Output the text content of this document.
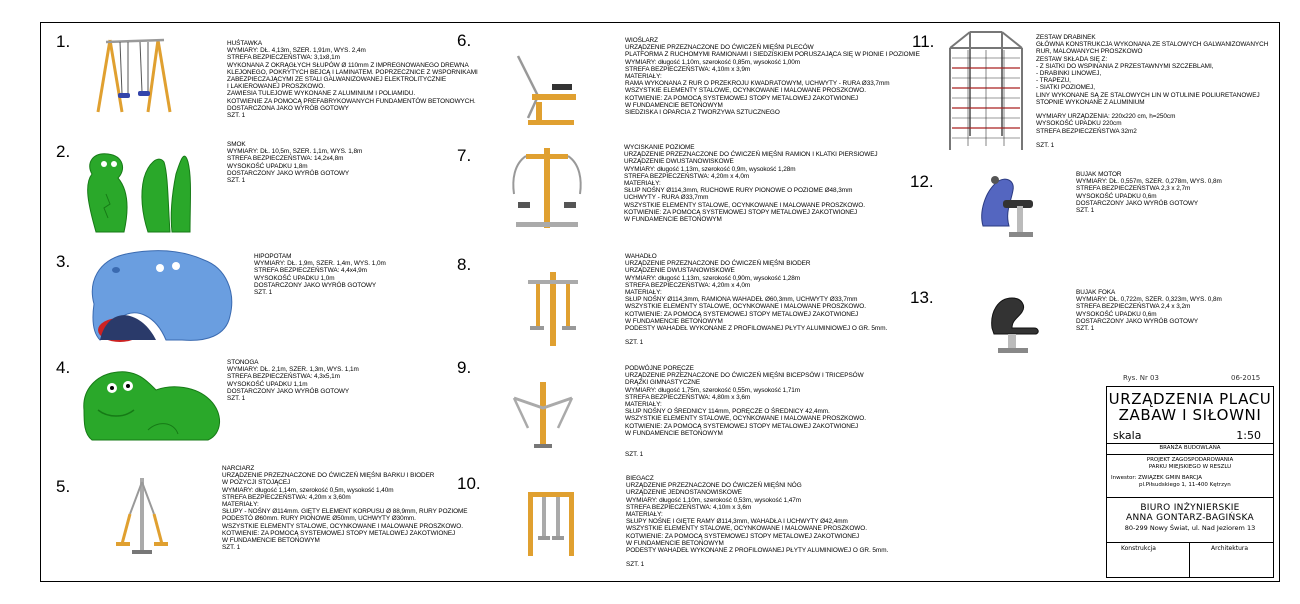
1.	HUŚTAWKA
WYMIARY: DŁ. 4,13m, SZER. 1,91m, WYS. 2,4m
STREFA BEZPIECZEŃSTWA: 3,1x8,1m
WYKONANA Z OKRĄGŁYCH SŁUPÓW Ø 110mm Z IMPREGNOWANEGO DREWNA
KLEJONEGO, POKRYTYCH BEJCĄ I LAMINATEM. POPRZECZNICE Z WSPORNIKAMI
ZABEZPIECZAJĄCYMI ZE STALI GALWANIZOWANEJ ELEKTROLITYCZNIE
I LAKIEROWANEJ PROSZKOWO.
ZAWIESIA TULEJOWE WYKONANE Z ALUMINIUM I POLIAMIDU.
KOTWIENIE ZA POMOCĄ PREFABRYKOWANYCH FUNDAMENTÓW BETONOWYCH.
DOSTARCZONA JAKO WYRÓB GOTOWY
SZT. 1
2.	SMOK
WYMIARY: DŁ. 10,5m, SZER. 1,1m, WYS. 1,8m
STREFA BEZPIECZEŃSTWA: 14,2x4,8m
WYSOKOŚĆ UPADKU 1,8m
DOSTARCZONY JAKO WYRÓB GOTOWY
SZT. 1
3.	HIPOPOTAM
WYMIARY: DŁ. 1,9m, SZER. 1,4m, WYS. 1,0m
STREFA BEZPIECZEŃSTWA: 4,4x4,9m
WYSOKOŚĆ UPADKU 1,0m
DOSTARCZONY JAKO WYRÓB GOTOWY
SZT. 1
4.	STONOGA
WYMIARY: DŁ. 2,1m, SZER. 1,3m, WYS. 1,1m
STREFA BEZPIECZEŃSTWA: 4,3x5,1m
WYSOKOŚĆ UPADKU 1,1m
DOSTARCZONY JAKO WYRÓB GOTOWY
SZT. 1
5.
NARCIARZ
URZĄDZENIE PRZEZNACZONE DO ĆWICZEŃ MIĘŚNI BARKU I BIODER
W POZYCJI STOJĄCEJ
WYMIARY: długość 1,14m, szerokość 0,5m, wysokość 1,40m
STREFA BEZPIECZEŃSTWA: 4,20m x 3,60m
MATERIAŁY:
SŁUPY - NOŚNY Ø114mm. GIĘTY ELEMENT KORPUSU Ø 88,9mm, RURY POZIOME
PODESTÓ Ø60mm. RURY PIONOWE Ø50mm, UCHWYTY Ø30mm.
WSZYSTKIE ELEMENTY STALOWE, OCYNKOWANE I MALOWANE PROSZKOWO.
KOTWIENIE: ZA POMOCĄ SYSTEMOWEJ STOPY METALOWEJ ZAKOTWIONEJ
W FUNDAMENCIE BETONOWYM
SZT. 1
6.	WIOŚLARZ
URZĄDZENIE PRZEZNACZONE DO ĆWICZEŃ MIĘŚNI PLECÓW
PLATFORMA Z RUCHOMYMI RAMIONAMI I SIEDZISKIEM PORUSZAJĄCA SIĘ W PIONIE I POZIOMIE
WYMIARY: długość 1,10m, szerokość 0,85m, wysokość 1,00m
STREFA BEZPIECZEŃSTWA: 4,10m x 3,9m
MATERIAŁY:
RAMA WYKONANA Z RUR O PRZEKROJU KWADRATOWYM, UCHWYTY - RURA Ø33,7mm
WSZYSTKIE ELEMENTY STALOWE, OCYNKOWANE I MALOWANE PROSZKOWO.
KOTWIENIE: ZA POMOCĄ SYSTEMOWEJ STOPY METALOWEJ ZAKOTWIONEJ
W FUNDAMENCIE BETONOWYM
SIEDZISKA I OPARCIA Z TWORZYWA SZTUCZNEGO
7.	WYCISKANIE POZIOME
URZĄDZENIE PRZEZNACZONE DO ĆWICZEŃ MIĘŚNI RAMION I KLATKI PIERSIOWEJ
URZĄDZENIE DWUSTANOWISKOWE
WYMIARY: długość 1,13m, szerokość 0,9m, wysokość 1,28m
STREFA BEZPIECZEŃSTWA: 4,20m x 4,0m
MATERIAŁY:
SŁUP NOŚNY Ø114,3mm, RUCHOWE RURY PIONOWE O POZIOME Ø48,3mm
UCHWYTY - RURA Ø33,7mm
WSZYSTKIE ELEMENTY STALOWE, OCYNKOWANE I MALOWANE PROSZKOWO.
KOTWIENIE: ZA POMOCĄ SYSTEMOWEJ STOPY METALOWEJ ZAKOTWIONEJ
W FUNDAMENCIE BETONOWYM
8.	WAHADŁO
URZĄDZENIE PRZEZNACZONE DO ĆWICZEŃ MIĘŚNI BIODER
URZĄDZENIE DWUSTANOWISKOWE
WYMIARY: długość 1,13m, szerokość 0,90m, wysokość 1,28m
STREFA BEZPIECZEŃSTWA: 4,20m x 4,0m
MATERIAŁY:
SŁUP NOŚNY Ø114,3mm, RAMIONA WAHADEŁ Ø60,3mm, UCHWYTY Ø33,7mm
WSZYSTKIE ELEMENTY STALOWE, OCYNKOWANE I MALOWANE PROSZKOWO.
KOTWIENIE: ZA POMOCĄ SYSTEMOWEJ STOPY METALOWEJ ZAKOTWIONEJ
W FUNDAMENCIE BETONOWYM
PODESTY WAHADEŁ WYKONANE Z PROFILOWANEJ PŁYTY ALUMINIOWEJ O GR. 5mm.

SZT. 1
9.	PODWÓJNE PORĘCZE
URZĄDZENIE PRZEZNACZONE DO ĆWICZEŃ MIĘŚNI BICEPSÓW I TRICEPSÓW
DRĄŻKI GIMNASTYCZNE
WYMIARY: długość 1,75m, szerokość 0,55m, wysokość 1,71m
STREFA BEZPIECZEŃSTWA: 4,80m x 3,6m
MATERIAŁY:
SŁUP NOŚNY O ŚREDNICY 114mm, PORĘCZE O ŚREDNICY 42,4mm.
WSZYSTKIE ELEMENTY STALOWE, OCYNKOWANE I MALOWANE PROSZKOWO.
KOTWIENIE: ZA POMOCĄ SYSTEMOWEJ STOPY METALOWEJ ZAKOTWIONEJ
W FUNDAMENCIE BETONOWYM

SZT. 1
10.	BIEGACZ
URZĄDZENIE PRZEZNACZONE DO ĆWICZEŃ MIĘŚNI NÓG
URZĄDZENIE JEDNOSTANOWISKOWE
WYMIARY: długość 1,10m, szerokość 0,53m, wysokość 1,47m
STREFA BEZPIECZEŃSTWA: 4,10m x 3,6m
MATERIAŁY:
SŁUPY NOŚNE I GIĘTE RAMY Ø114,3mm, WAHADŁA I UCHWYTY Ø42,4mm
WSZYSTKIE ELEMENTY STALOWE, OCYNKOWANE I MALOWANE PROSZKOWO.
KOTWIENIE: ZA POMOCĄ SYSTEMOWEJ STOPY METALOWEJ ZAKOTWIONEJ
W FUNDAMENCIE BETONOWYM
PODESTY WAHADEŁ WYKONANE Z PROFILOWANEJ PŁYTY ALUMINIOWEJ O GR. 5mm.

SZT. 1
11.	ZESTAW DRABINEK
GŁÓWNA KONSTRUKCJA WYKONANA ZE STALOWYCH GALWANIZOWANYCH
RUR, MALOWANYCH PROSZKOWO
ZESTAW SKŁADA SIĘ Z:
- Z SIATKI DO WSPINANIA Z PRZESTAWNYMI SZCZEBLAMI,
- DRABINKI LINOWEJ,
- TRAPEZU,
- SIATKI POZIOMEJ,
LINY WYKONANE SĄ ZE STALOWYCH LIN W OTULINIE POLIURETANOWEJ
STOPNIE WYKONANE Z ALUMINIUM

WYMIARY URZĄDZENIA: 220x220 cm, h=250cm
WYSOKOŚĆ UPADKU 220cm
STREFA BEZPIECZEŃSTWA 32m2

SZT. 1
12.	BUJAK MOTOR
WYMIARY: DŁ. 0,557m, SZER. 0,278m, WYS. 0,8m
STREFA BEZPIECZEŃSTWA 2,3 x 2,7m
WYSOKOŚĆ UPADKU 0,6m
DOSTARCZONY JAKO WYRÓB GOTOWY
SZT. 1
13.	BUJAK FOKA
WYMIARY: DŁ. 0,722m, SZER. 0,323m, WYS. 0,8m
STREFA BEZPIECZEŃSTWA 2,4 x 3,2m
WYSOKOŚĆ UPADKU 0,6m
DOSTARCZONY JAKO WYRÓB GOTOWY
SZT. 1
Rys. Nr 03	06-2015
URZĄDZENIA PLACU
ZABAW I SIŁOWNI
skala	1:50
BRANŻA BUDOWLANA
PROJEKT ZAGOSPODAROWANIA
PARKU MIEJSKIEGO W RESZLU
Inwestor: ZWIĄZEK GMIN BARCJA
pl.Piłsudskiego 1, 11-400 Kętrzyn
BIURO INŻYNIERSKIE
ANNA GONTARZ-BAGIŃSKA
80-299 Nowy Świat, ul. Nad Jeziorem 13
Konstrukcja	Architektura
